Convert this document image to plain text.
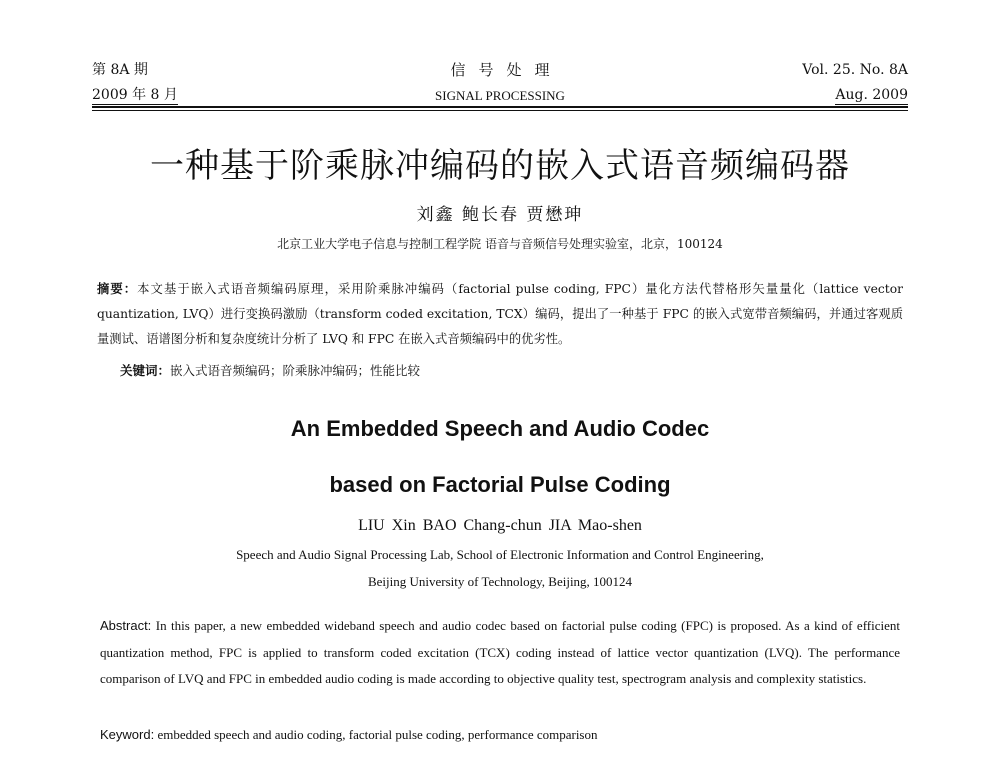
第 8A 期
2009 年 8 月
信号处理
SIGNAL PROCESSING
Vol. 25. No. 8A
Aug. 2009
一种基于阶乘脉冲编码的嵌入式语音频编码器
刘鑫 鲍长春 贾懋珅
北京工业大学电子信息与控制工程学院 语音与音频信号处理实验室，北京，100124
摘要：本文基于嵌入式语音频编码原理，采用阶乘脉冲编码（factorial pulse coding, FPC）量化方法代替格形矢量量化（lattice vector quantization, LVQ）进行变换码激励（transform coded excitation, TCX）编码，提出了一种基于 FPC 的嵌入式宽带音频编码，并通过客观质量测试、语谱图分析和复杂度统计分析了 LVQ 和 FPC 在嵌入式音频编码中的优劣性。
关键词：嵌入式语音频编码；阶乘脉冲编码；性能比较
An Embedded Speech and Audio Codec
based on Factorial Pulse Coding
LIU Xin BAO Chang-chun JIA Mao-shen
Speech and Audio Signal Processing Lab, School of Electronic Information and Control Engineering,
Beijing University of Technology, Beijing, 100124
Abstract: In this paper, a new embedded wideband speech and audio codec based on factorial pulse coding (FPC) is proposed. As a kind of efficient quantization method, FPC is applied to transform coded excitation (TCX) coding instead of lattice vector quantization (LVQ). The performance comparison of LVQ and FPC in embedded audio coding is made according to objective quality test, spectrogram analysis and complexity statistics.
Keyword: embedded speech and audio coding, factorial pulse coding, performance comparison
